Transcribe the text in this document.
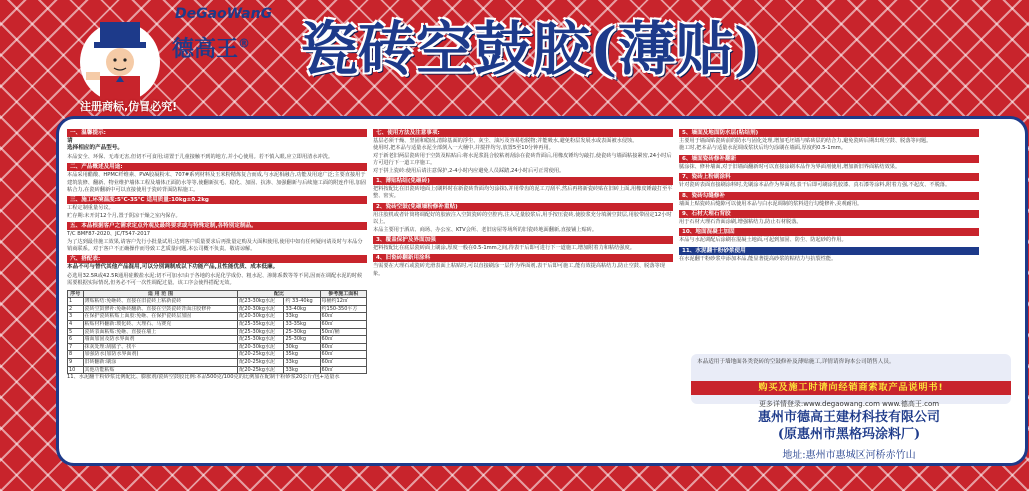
DeGaoWanG
德高王®
注册商标,仿冒必究!
瓷砖空鼓胶(薄贴)
一、温馨提示:
请
选择相应的产品型号。
本品安全、环保、无毒无害,但切不可食用;请置于儿童接触不到的地方,并小心使用。若不慎入眼,应立即用清水冲洗。
二、产品概述及用途:
本品采用醋酸、HPMC纤维素、PVA胶凝粉末、707#系列材料及玉米粉精炼复合而成,与水泥相融合,功能及用途广泛;主要直接用于建筑装修、翻新、物业维护墙体工程及墙体正面防水等等,使翻新抗毛、稳化、加固、抗渗、加强翻新与后续施工面的附连作用,加固粘合力,在瓷砖翻新中可以直接使用于瓷砖背面防粘施工。
三、施工环境温度:5℃-35℃ 适用质量:10kg±0.2kg
工程定制重量另议。
贮存期:未开封12个月,置于阴凉干燥之室内保存。
五、本品根据客户之需求定点外观及最终要求或与特殊定制,各特别定制品。
T/C BMF87-2020、JC/T547-2017
为了达到最佳施工效果,请客户先行小批量试用;达到客户质量要求后再批量定购及大面积使用,使用中如有任何疑问请及时与本品分销商联系。对于客户不正确操作而导致工艺质量问题,本公司概不负责。敬请谅解。
六、搭配表:
本品不可与替代其他产品混用,可以分别调制成以下功能产品,且性能优质、成本低廉。
必选用32.5R或42.5R通用硅酸盐水泥;切不可加水!由于各地的水泥化学成份、粗水泥、渗陈系数等等不同,因而在调配水泥的时候需要根据实际情况,但务必不可一次性调配过量。该工序会使得搭配无效。
序号	适 用 范 围	配比		参考施工面积
1	薄贴粘结:免砸砖、直接在旧瓷砖上粘新瓷砖	配23-30kg水泥	约 33-40kg	每桶约12㎡
2	瓷砖空鼓修补:免砸砖翻新、直接在空鼓瓷砖背面注胶修补	配20-30kg水泥	33-40kg	约150-350平方
3	在保护瓷砖粘贴上面胶:免砸、在保护瓷砖层加固	配20-30kg水泥	33kg	60㎡
4	粘贴材料翻新:玻化砖、大理石、马赛克	配25-35kg水泥	33-35kg	60㎡
5	瓷砖表面粘贴:免砸、直接在墙上	配25-30kg水泥	25-30kg	50㎡/桶
6	墙面加固及防水界面剂	配25-30kg水泥	25-30kg	60㎡
7	抹灰处理:刮腻子、找平	配20-30kg水泥	30kg	60㎡
8	加强防水(加防水界面剂)	配20-25kg水泥	35kg	60㎡
9	旧砖翻新:刷涂	配20-25kg水泥	33kg	60㎡
10	其他功能粘贴	配20-25kg水泥	33kg	60㎡
11、水泥翻干粉砂浆比例配比、膨胀剂/瓷砖空鼓胶比例:本品500克/100克的比例加在配制干粉砂浆20公斤/包+适量水
七、使用方法及注意事项:
基层必须干燥、坚固和稳固,清除基面的浮尘、灰尘、油污及容易松脱物;并能吸水,避免粉层发展水或表面被水侵蚀。
使用时,把本品与适量水泥全部倒入一大桶中,并搅拌均匀,放置5至10分钟再用。
对于新老旧两层瓷砖用于空鼓及粘贴后:将水泥浆混合胶粘剂刮涂在瓷砖背面后,用橡皮锤均匀敲打,使瓷砖与墙面粘接紧密,24小时后方可进行下一道工序施工。
对于拼上瓷砖:使用后请注意保护,2-4小时内应避免人员踩踏,24小时后可正常使用。
1、薄贴粘结(免砸砖)
把料按配比在旧瓷砖地面上(刷料时在新瓷砖背面均匀涂抹),并用带齿的泥工刀刮平,然后再将新瓷砖贴在旧砖上面,用橡皮锤敲打至平整、密实。
2、瓷砖空鼓(免砸墙粉修补重贴)
用注胶机或者针筒将调配好的胶液注入空鼓瓷砖的空腔内,注入足量胶浆后,用手按压瓷砖,使胶浆充分填满空鼓层,用胶带固定12小时以上。
本品主要用于酒店、商场、办公室、KTV会所、老旧房屋等场所的旧瓷砖地面翻新,直接铺上贴砖。
3、覆盖保护及界面加强
把料按配比在底层瓷砖面上刷涂,厚度一般在0.5-1mm之间,待表干后即可进行下一道施工,增加附着力和粘结强度。
4、旧瓷砖翻新用涂料
当需要在大理石或瓷砖光滑表面上粘贴时,可以直接刷涂一层作为界面剂,表干后即可施工,能有效提高粘结力,防止空鼓、脱落等现象。
5、墙面及地面防水层(粘结剂)
主要用于墙面贴瓷砖前的防水与固化处理,增加毛坯墙与贴砖层的结合力,避免瓷砖后期出现空鼓、脱落等问题。
施工时,把本品与适量水泥调成浆状后均匀涂刷在墙面,厚度约0.5-1mm。
6、墙面瓷砖修补翻新
腻涂抹、修补墙面,对于旧墙面翻新时可以直接涂刷本品作为界面剂使用,增加新旧界面粘结效果。
7、瓷砖上粉刷涂料
针对瓷砖表面直接刷涂料时,先刷涂本品作为界面剂,表干后即可刷涂乳胶漆、真石漆等涂料,附着力强,不起皮、不脱落。
8、瓷砖勾缝修补
墙面上贴瓷砖后缝隙可以使用本品与白水泥调制的浆料进行勾缝修补,美观耐用。
9、石材大理石背胶
用于石材大理石背面涂刷,增强粘结力,防止石材脱落。
10、地面混凝土加固
本品与水泥调配后涂刷在混凝土地面,可起到加固、防尘、防起砂的作用。
11、水泥翻干粉砂浆使用
在水泥翻干粉砂浆中添加本品,能显著提高砂浆的粘结力与抗裂性能。
本品适用于墙地面各类瓷砖的空鼓修补及薄贴施工,详情请咨询本公司销售人员。
购买及施工时请向经销商索取产品说明书!
更多详情登录:www.degaowang.com www.德高王.com
惠州市德高王建材科技有限公司
(原惠州市黑格玛涂料厂)
地址:惠州市惠城区河桥赤竹山
